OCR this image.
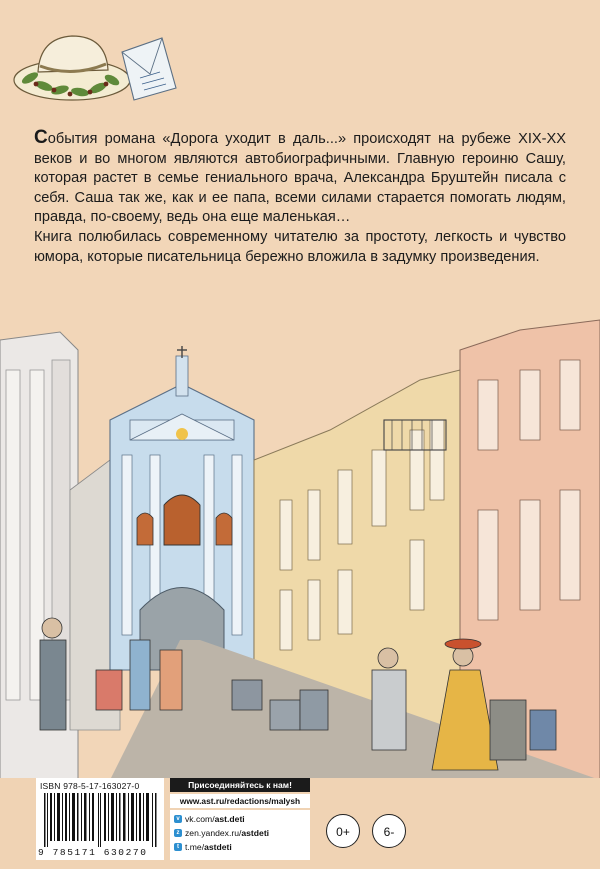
События романа «Дорога уходит в даль...» происходят на рубеже XIX-XX веков и во многом являются автобиографичными. Главную героиню Сашу, которая растет в семье гениального врача, Александра Бруштейн писала с себя. Саша так же, как и ее папа, всеми силами старается помогать людям, правда, по-своему, ведь она еще маленькая…

Книга полюбилась современному читателю за простоту, легкость и чувство юмора, которые писательница бережно вложила в задумку произведения.

ISBN 978-5-17-163027-0
9 785171 630270
Присоединяйтесь к нам!
www.ast.ru/redactions/malysh
v vk.com/ast.deti
z zen.yandex.ru/astdeti
t t.me/astdeti
0+	6-
